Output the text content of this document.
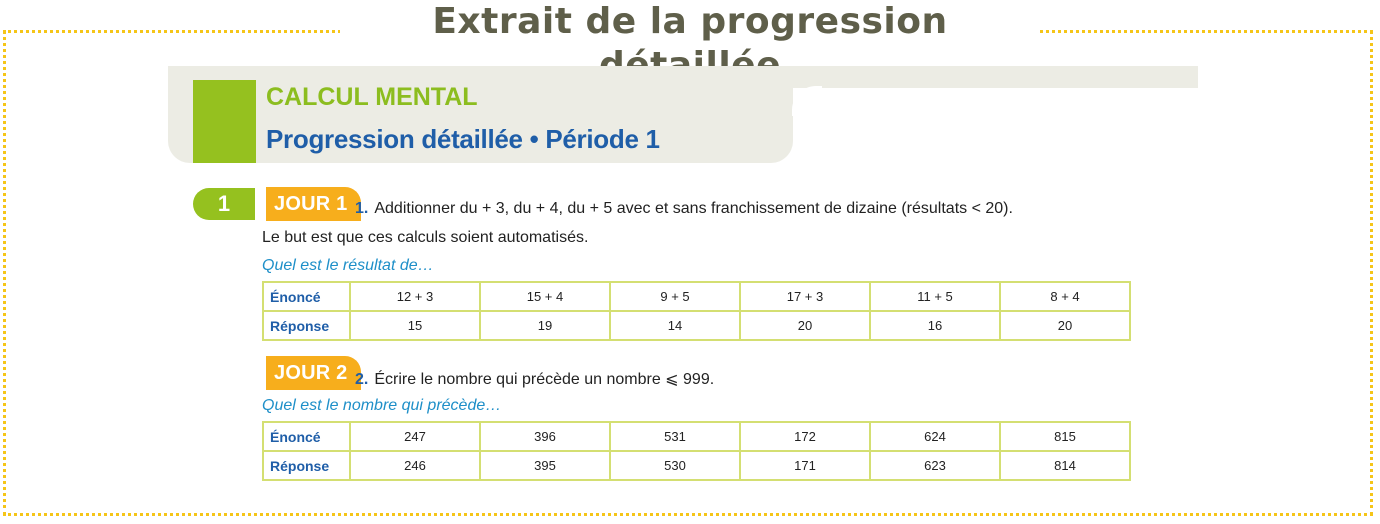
Extrait de la progression
CALCUL MENTAL
Progression détaillée • Période 1
1	JOUR 1 1. Additionner du + 3, du + 4, du + 5 avec et sans franchissement de dizaine (résultats < 20).
Le but est que ces calculs soient automatisés.
Quel est le résultat de…
Énoncé	12 + 3	15 + 4	9 + 5	17 + 3	11 + 5	8 + 4
Réponse	15	19	14	20	16	20
JOUR 2 2. Écrire le nombre qui précède un nombre ⩽ 999.
Quel est le nombre qui précède…
Énoncé	247	396	531	172	624	815
Réponse	246	395	530	171	623	814
